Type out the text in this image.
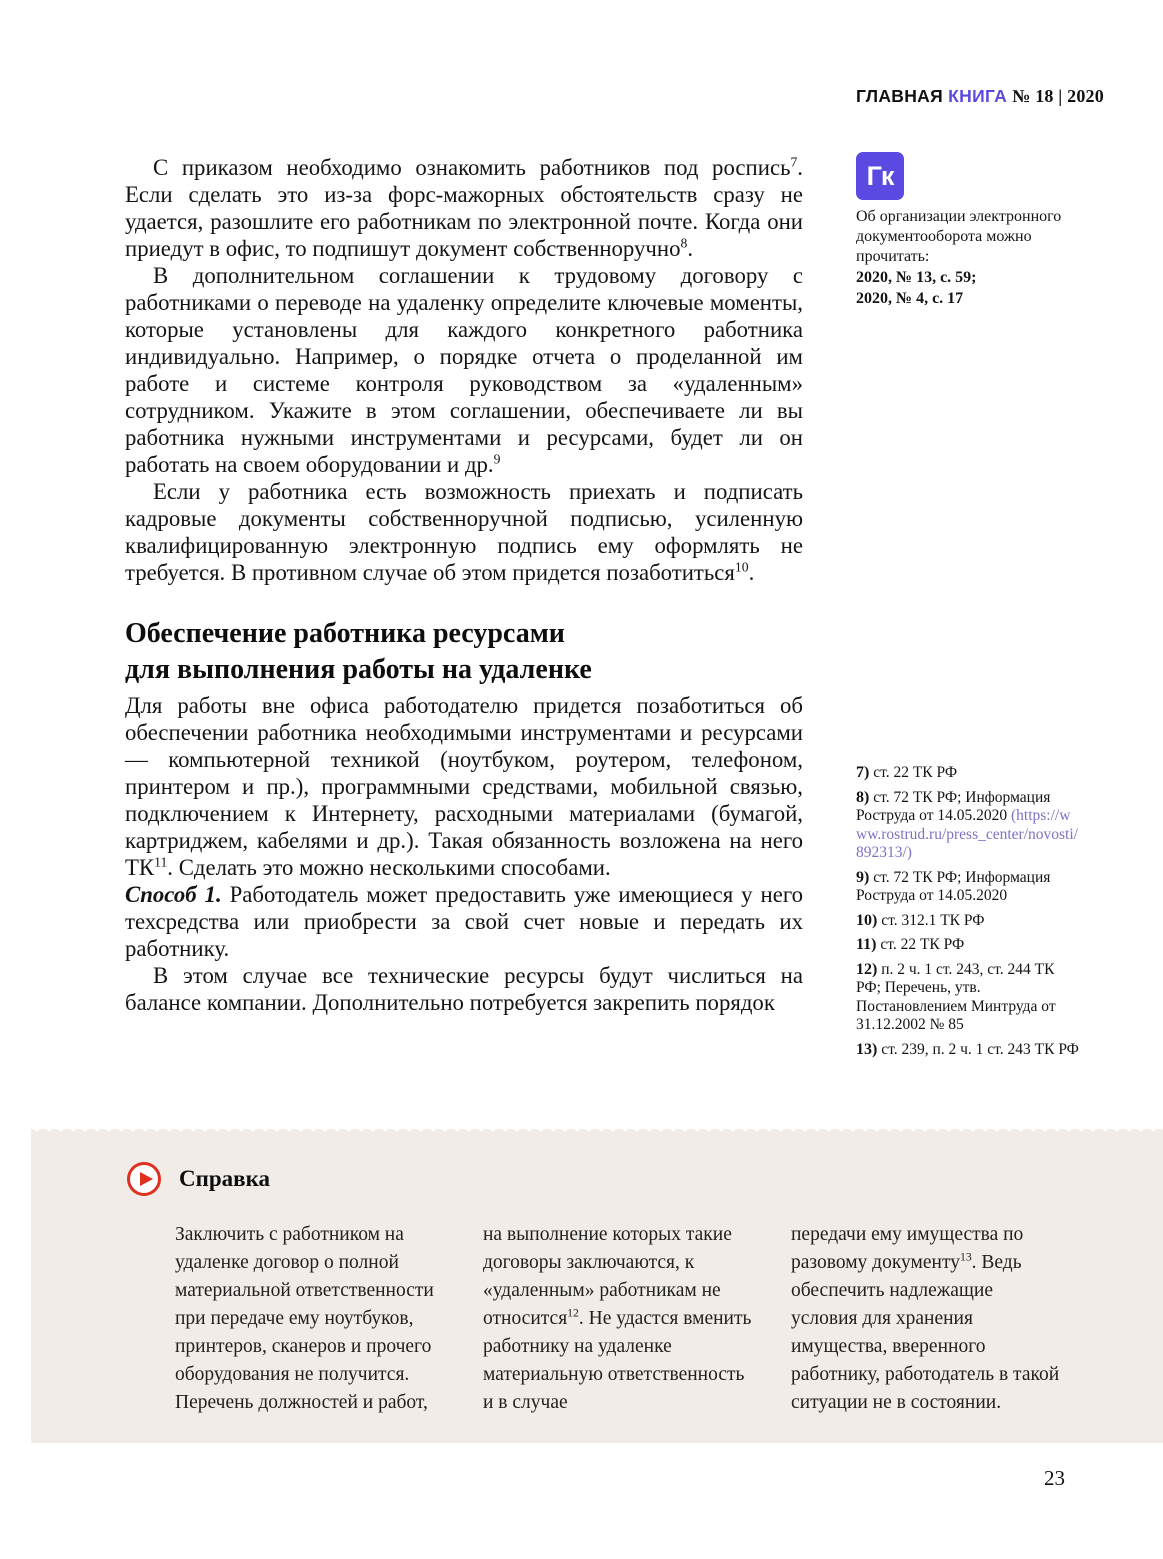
ГЛАВНАЯ КНИГА № 18 | 2020

С приказом необходимо ознакомить работников под роспись$^7$. Если сделать это из-за форс-мажорных обстоятельств сразу не удается, разошлите его работникам по электронной почте. Когда они приедут в офис, то подпишут документ собственноручно$^8$.

В дополнительном соглашении к трудовому договору с работниками о переводе на удаленку определите ключевые моменты, которые установлены для каждого конкретного работника индивидуально. Например, о порядке отчета о проделанной им работе и системе контроля руководством за «удаленным» сотрудником. Укажите в этом соглашении, обеспечиваете ли вы работника нужными инструментами и ресурсами, будет ли он работать на своем оборудовании и др.$^9$

Если у работника есть возможность приехать и подписать кадровые документы собственноручной подписью, усиленную квалифицированную электронную подпись ему оформлять не требуется. В противном случае об этом придется позаботиться$^{10}$.

Обеспечение работника ресурсами
для выполнения работы на удаленке

Для работы вне офиса работодателю придется позаботиться об обеспечении работника необходимыми инструментами и ресурсами — компьютерной техникой (ноутбуком, роутером, телефоном, принтером и пр.), программными средствами, мобильной связью, подключением к Интернету, расходными материалами (бумагой, картриджем, кабелями и др.). Такая обязанность возложена на него ТК$^{11}$. Сделать это можно несколькими способами.

Способ 1. Работодатель может предоставить уже имеющиеся у него техсредства или приобрести за свой счет новые и передать их работнику.

В этом случае все технические ресурсы будут числиться на балансе компании. Дополнительно потребуется закрепить порядок

Гк
Об организации электронного документооборота можно прочитать:
2020, № 13, с. 59;
2020, № 4, с. 17
7) ст. 22 ТК РФ
8) ст. 72 ТК РФ; Информация Роструда от 14.05.2020 (https://www.rostrud.ru/press_center/novosti/892313/)
9) ст. 72 ТК РФ; Информация Роструда от 14.05.2020
10) ст. 312.1 ТК РФ
11) ст. 22 ТК РФ
12) п. 2 ч. 1 ст. 243, ст. 244 ТК РФ; Перечень, утв. Постановлением Минтруда от 31.12.2002 № 85
13) ст. 239, п. 2 ч. 1 ст. 243 ТК РФ
Справка
Заключить с работником на удаленке договор о полной материальной ответственности при передаче ему ноутбуков, принтеров, сканеров и прочего оборудования не получится. Перечень должностей и работ,
на выполнение которых такие договоры заключаются, к «удаленным» работникам не относится$^{12}$. Не удастся вменить работнику на удаленке материальную ответственность и в случае
передачи ему имущества по разовому документу$^{13}$. Ведь обеспечить надлежащие условия для хранения имущества, вверенного работнику, работодатель в такой ситуации не в состоянии.
23
